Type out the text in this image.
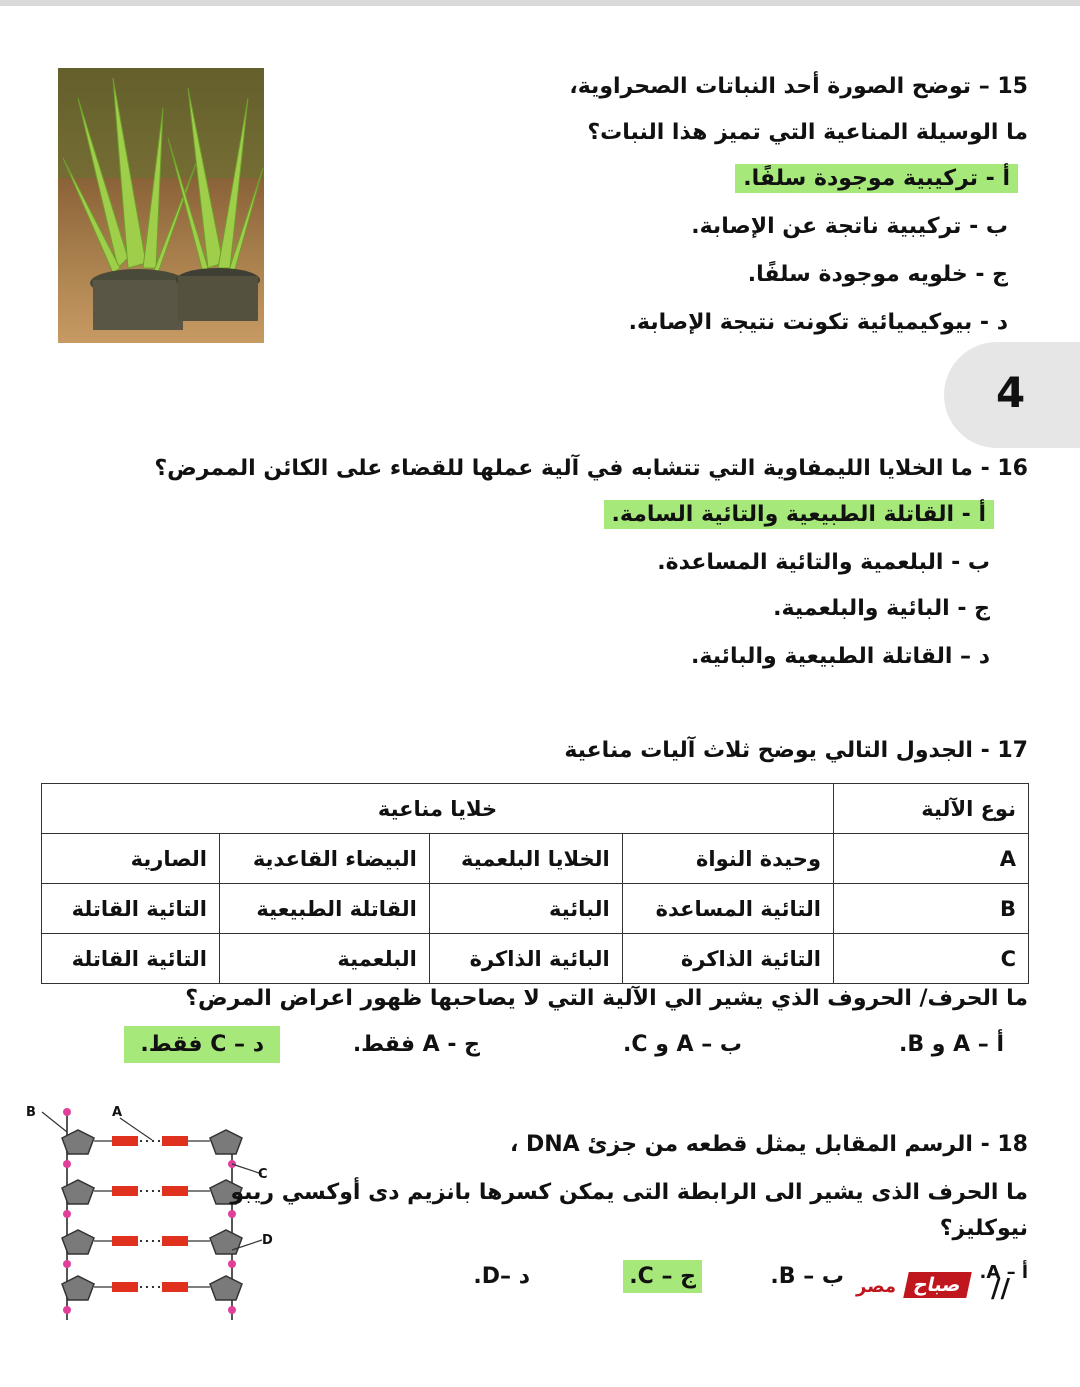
15 – توضح الصورة أحد النباتات الصحراوية،
ما الوسيلة المناعية التي تميز هذا النبات؟
أ - تركيبية موجودة سلفًا.
ب - تركيبية ناتجة عن الإصابة.
ج - خلويه موجودة سلفًا.
د - بيوكيميائية تكونت نتيجة الإصابة.
4
16 - ما الخلايا الليمفاوية التي تتشابه في آلية عملها للقضاء على الكائن الممرض؟
أ - القاتلة الطبيعية والتائية السامة.
ب - البلعمية والتائية المساعدة.
ج - البائية والبلعمية.
د – القاتلة الطبيعية والبائية.
17 - الجدول التالي يوضح ثلاث آليات مناعية
نوع الآلية	خلايا مناعية			
A	وحيدة النواة	الخلايا البلعمية	البيضاء القاعدية	الصارية
B	التائية المساعدة	البائية	القاتلة الطبيعية	التائية القاتلة
C	التائية الذاكرة	البائية الذاكرة	البلعمية	التائية القاتلة
ما الحرف/ الحروف الذي يشير الي الآلية التي لا يصاحبها ظهور اعراض المرض؟
أ – A و B.
ب – A و C.
ج - A فقط.
د – C فقط.
B	A
C
D
18 - الرسم المقابل يمثل قطعه من جزئ DNA ،
ما الحرف الذى يشير الى الرابطة التى يمكن كسرها بانزيم دى أوكسي ريبو
نيوكليز؟
أ – A.
ب – B.
ج – C.
د –D.	مصر صباح	//
